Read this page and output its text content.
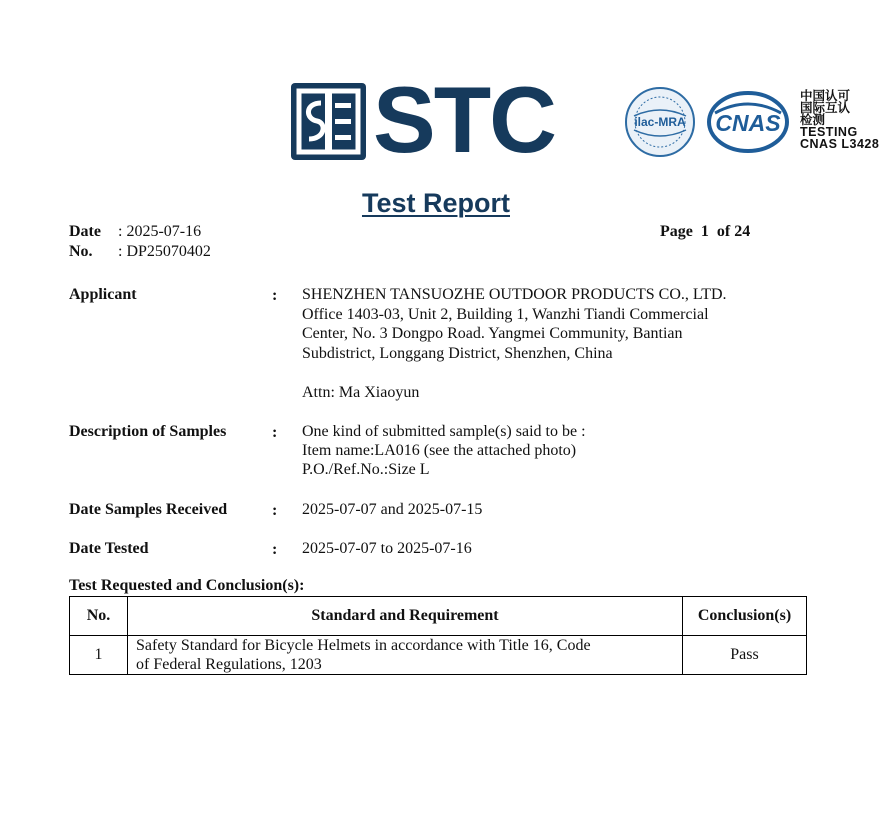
STC	ilac-MRA CNAS
中国认可
国际互认
检测
TESTING
CNAS L3428
Test Report
Date : 2025-07-16
No. : DP25070402
Page 1 of 24
Applicant	: SHENZHEN TANSUOZHE OUTDOOR PRODUCTS CO., LTD.
Office 1403-03, Unit 2, Building 1, Wanzhi Tiandi Commercial
Center, No. 3 Dongpo Road. Yangmei Community, Bantian
Subdistrict, Longgang District, Shenzhen, China
Attn: Ma Xiaoyun
Description of Samples	: One kind of submitted sample(s) said to be :
Item name:LA016 (see the attached photo)
P.O./Ref.No.:Size L
Date Samples Received	: 2025-07-07 and 2025-07-15
Date Tested	: 2025-07-07 to 2025-07-16
Test Requested and Conclusion(s):
No.	Standard and Requirement	Conclusion(s)
1	Safety Standard for Bicycle Helmets in accordance with Title 16, Code
of Federal Regulations, 1203	Pass
